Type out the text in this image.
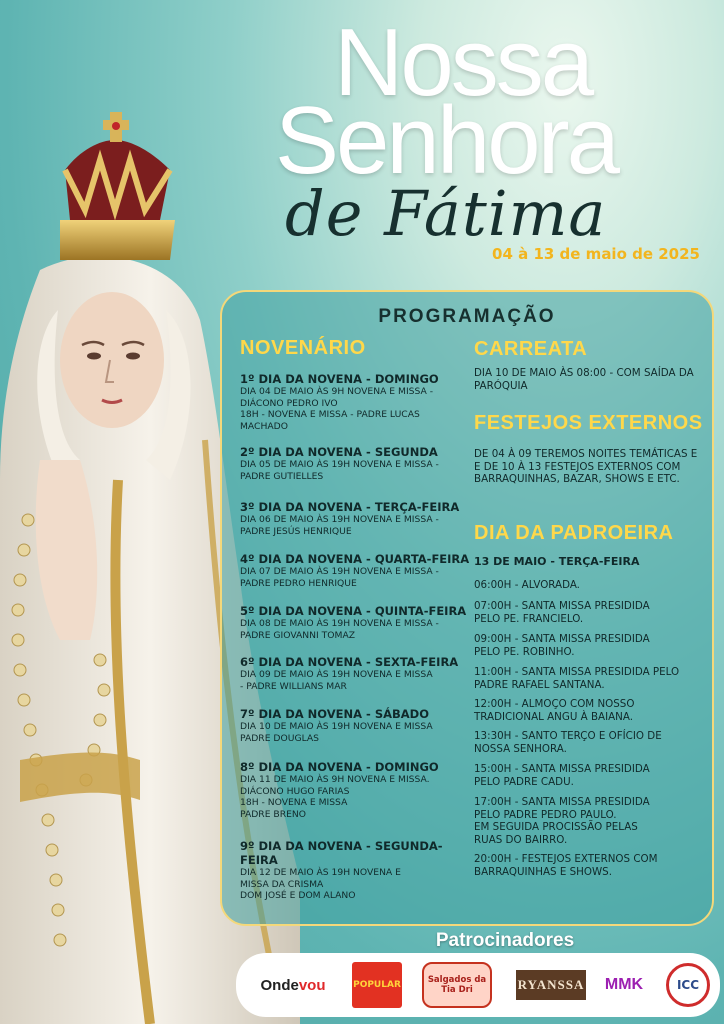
Nossa
Senhora
de Fátima
04 à 13 de maio de 2025
PROGRAMAÇÃO
NOVENÁRIO
1º DIA DA NOVENA - DOMINGO
DIA 04 DE MAIO ÀS 9H NOVENA E MISSA -
DIÁCONO PEDRO IVO
18H - NOVENA E MISSA - PADRE LUCAS
MACHADO
2º DIA DA NOVENA - SEGUNDA
DIA 05 DE MAIO ÀS 19H NOVENA E MISSA -
PADRE GUTIELLES
3º DIA DA NOVENA - TERÇA-FEIRA
DIA 06 DE MAIO ÀS 19H NOVENA E MISSA -
PADRE JESÚS HENRIQUE
4º DIA DA NOVENA - QUARTA-FEIRA
DIA 07 DE MAIO ÀS 19H NOVENA E MISSA -
PADRE PEDRO HENRIQUE
5º DIA DA NOVENA - QUINTA-FEIRA
DIA 08 DE MAIO ÀS 19H NOVENA E MISSA -
PADRE GIOVANNI TOMAZ
6º DIA DA NOVENA - SEXTA-FEIRA
DIA 09 DE MAIO ÀS 19H NOVENA E MISSA
- PADRE WILLIANS MAR
7º DIA DA NOVENA - SÁBADO
DIA 10 DE MAIO ÀS 19H NOVENA E MISSA
PADRE DOUGLAS
8º DIA DA NOVENA - DOMINGO
DIA 11 DE MAIO ÀS 9H NOVENA E MISSA.
DIÁCONO HUGO FARIAS
18H - NOVENA E MISSA
PADRE BRENO
9º DIA DA NOVENA - SEGUNDA-FEIRA
DIA 12 DE MAIO ÀS 19H NOVENA E
MISSA DA CRISMA
DOM JOSÉ E DOM ALANO
CARREATA
DIA 10 DE MAIO ÀS 08:00 - COM SAÍDA DA
PARÓQUIA
FESTEJOS EXTERNOS
DE 04 À 09 TEREMOS NOITES TEMÁTICAS E
E DE 10 À 13 FESTEJOS EXTERNOS COM
BARRAQUINHAS, BAZAR, SHOWS E ETC.
DIA DA PADROEIRA
13 DE MAIO - TERÇA-FEIRA
06:00H - ALVORADA.
07:00H - SANTA MISSA PRESIDIDA
PELO PE. FRANCIELO.
09:00H - SANTA MISSA PRESIDIDA
PELO PE. ROBINHO.
11:00H - SANTA MISSA PRESIDIDA PELO
PADRE RAFAEL SANTANA.
12:00H - ALMOÇO COM NOSSO
TRADICIONAL ANGU À BAIANA.
13:30H - SANTO TERÇO E OFÍCIO DE
NOSSA SENHORA.
15:00H - SANTA MISSA PRESIDIDA
PELO PADRE CADU.
17:00H - SANTA MISSA PRESIDIDA
PELO PADRE PEDRO PAULO.
EM SEGUIDA PROCISSÃO PELAS
RUAS DO BAIRRO.
20:00H - FESTEJOS EXTERNOS COM
BARRAQUINHAS E SHOWS.
Patrocinadores
Onde vou	POPULAR	Salgados da Tia Dri	RYANSSA MMK	ICC
